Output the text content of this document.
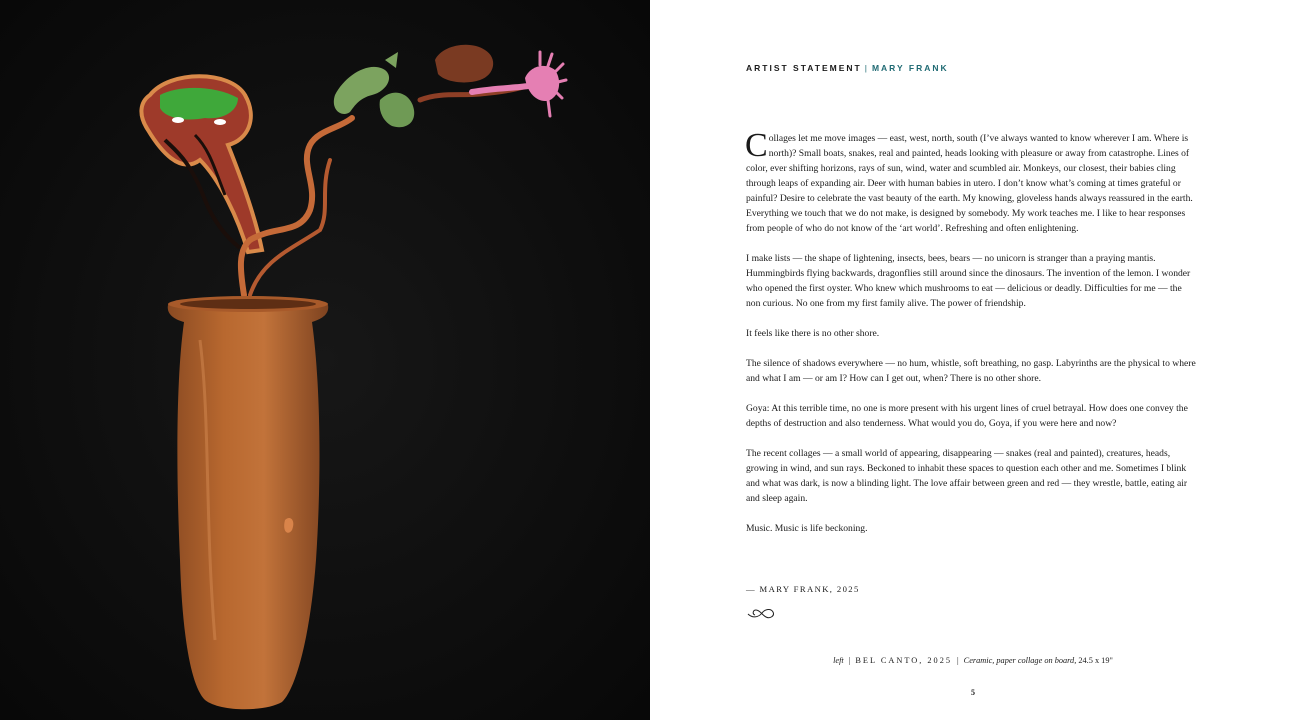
ARTIST STATEMENT | MARY FRANK

Collages let me move images — east, west, north, south (I’ve always wanted to know wherever I am. Where is north)? Small boats, snakes, real and painted, heads looking with pleasure or away from catastrophe. Lines of color, ever shifting horizons, rays of sun, wind, water and scumbled air. Monkeys, our closest, their babies cling through leaps of expanding air. Deer with human babies in utero. I don’t know what’s coming at times grateful or painful? Desire to celebrate the vast beauty of the earth. My knowing, gloveless hands always reassured in the earth. Everything we touch that we do not make, is designed by somebody. My work teaches me. I like to hear responses from people of who do not know of the ‘art world’. Refreshing and often enlightening.

I make lists — the shape of lightening, insects, bees, bears — no unicorn is stranger than a praying mantis. Hummingbirds flying backwards, dragonflies still around since the dinosaurs. The invention of the lemon. I wonder who opened the first oyster. Who knew which mushrooms to eat — delicious or deadly. Difficulties for me — the non curious. No one from my first family alive. The power of friendship.

It feels like there is no other shore.

The silence of shadows everywhere — no hum, whistle, soft breathing, no gasp. Labyrinths are the physical to where and what I am — or am I? How can I get out, when? There is no other shore.

Goya: At this terrible time, no one is more present with his urgent lines of cruel betrayal. How does one convey the depths of destruction and also tenderness. What would you do, Goya, if you were here and now?

The recent collages — a small world of appearing, disappearing — snakes (real and painted), creatures, heads, growing in wind, and sun rays. Beckoned to inhabit these spaces to question each other and me. Sometimes I blink and what was dark, is now a blinding light. The love affair between green and red — they wrestle, battle, eating air and sleep again.

Music. Music is life beckoning.

— MARY FRANK, 2025
left | BEL CANTO, 2025 | Ceramic, paper collage on board, 24.5 x 19"
5
